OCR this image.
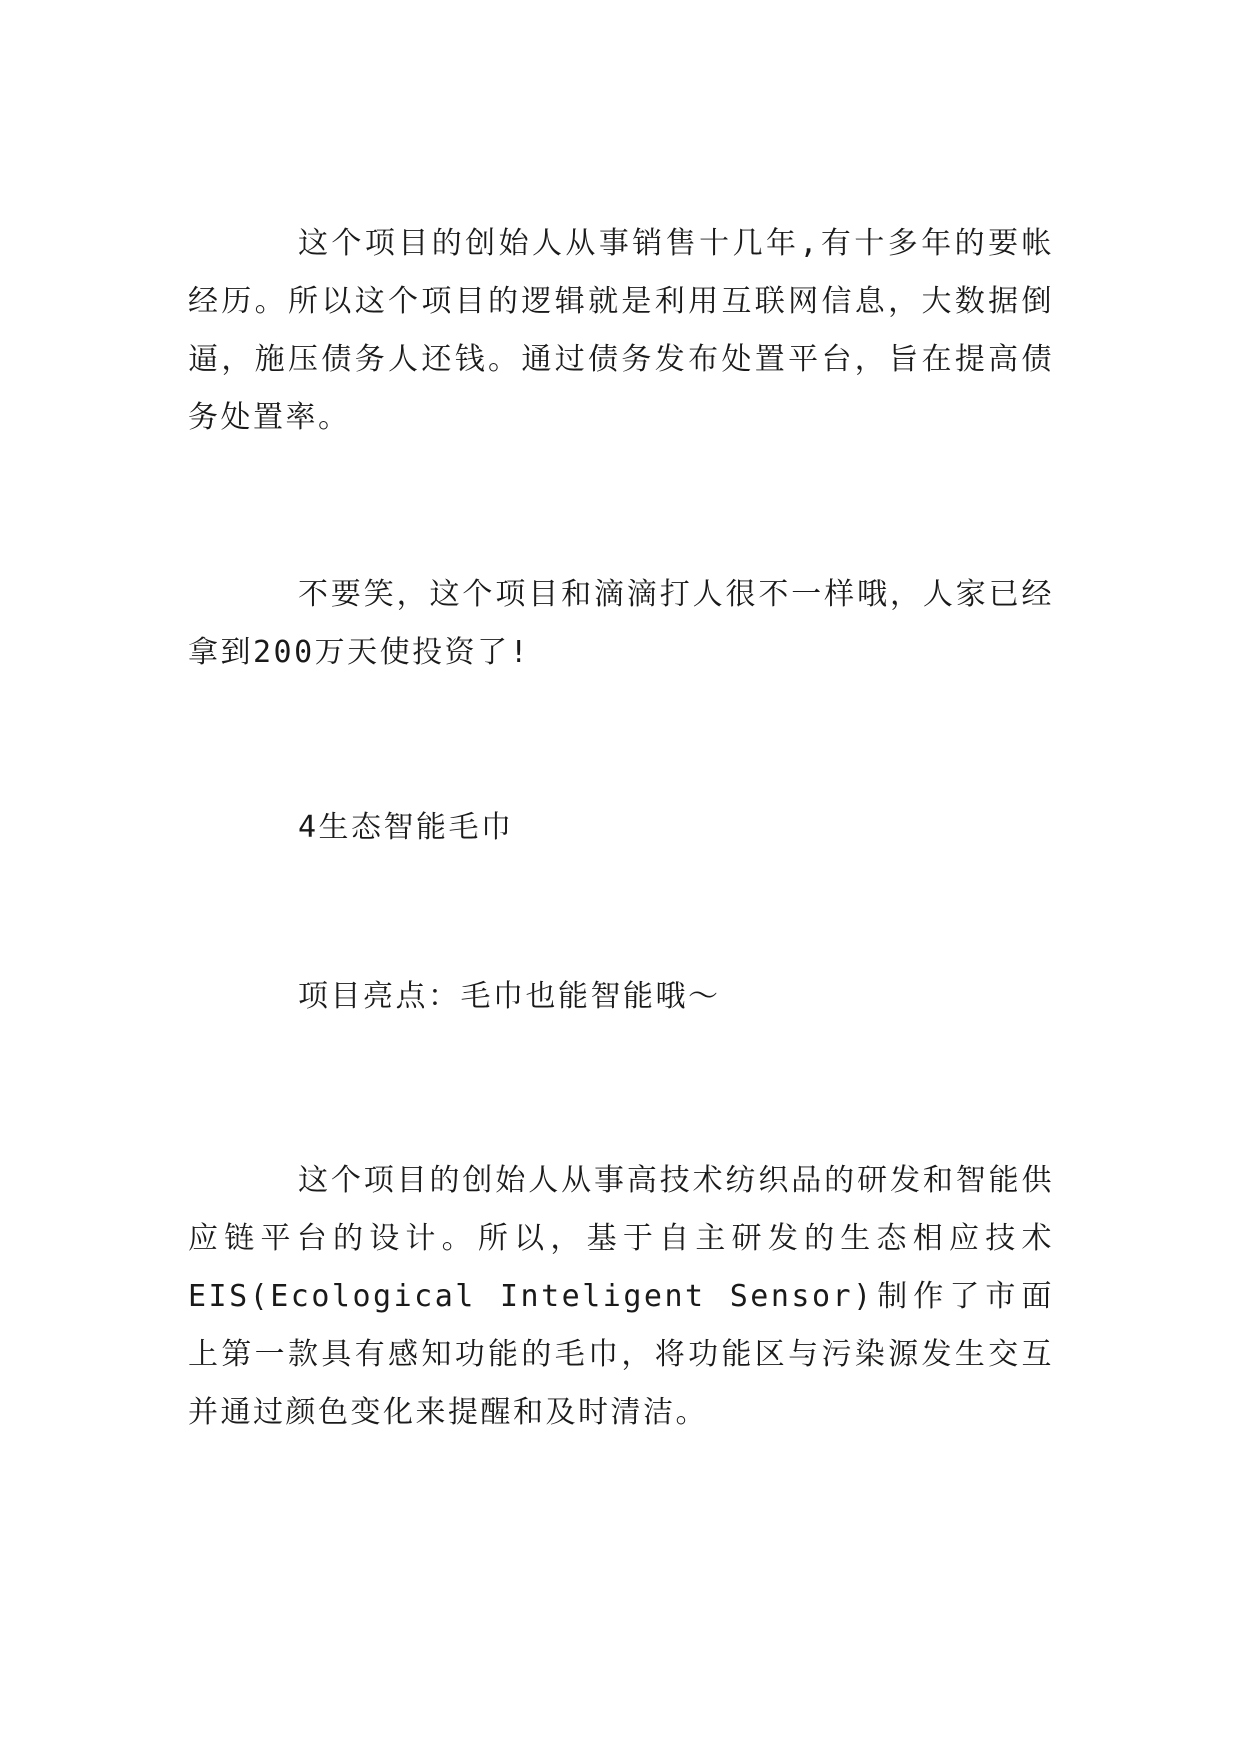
这个项目的创始人从事销售十几年,有十多年的要帐经历。所以这个项目的逻辑就是利用互联网信息，大数据倒逼，施压债务人还钱。通过债务发布处置平台，旨在提高债务处置率。

不要笑，这个项目和滴滴打人很不一样哦，人家已经拿到200万天使投资了!

4生态智能毛巾

项目亮点：毛巾也能智能哦～

这个项目的创始人从事高技术纺织品的研发和智能供应链平台的设计。所以，基于自主研发的生态相应技术EIS(Ecological Inteligent Sensor)制作了市面上第一款具有感知功能的毛巾，将功能区与污染源发生交互并通过颜色变化来提醒和及时清洁。
